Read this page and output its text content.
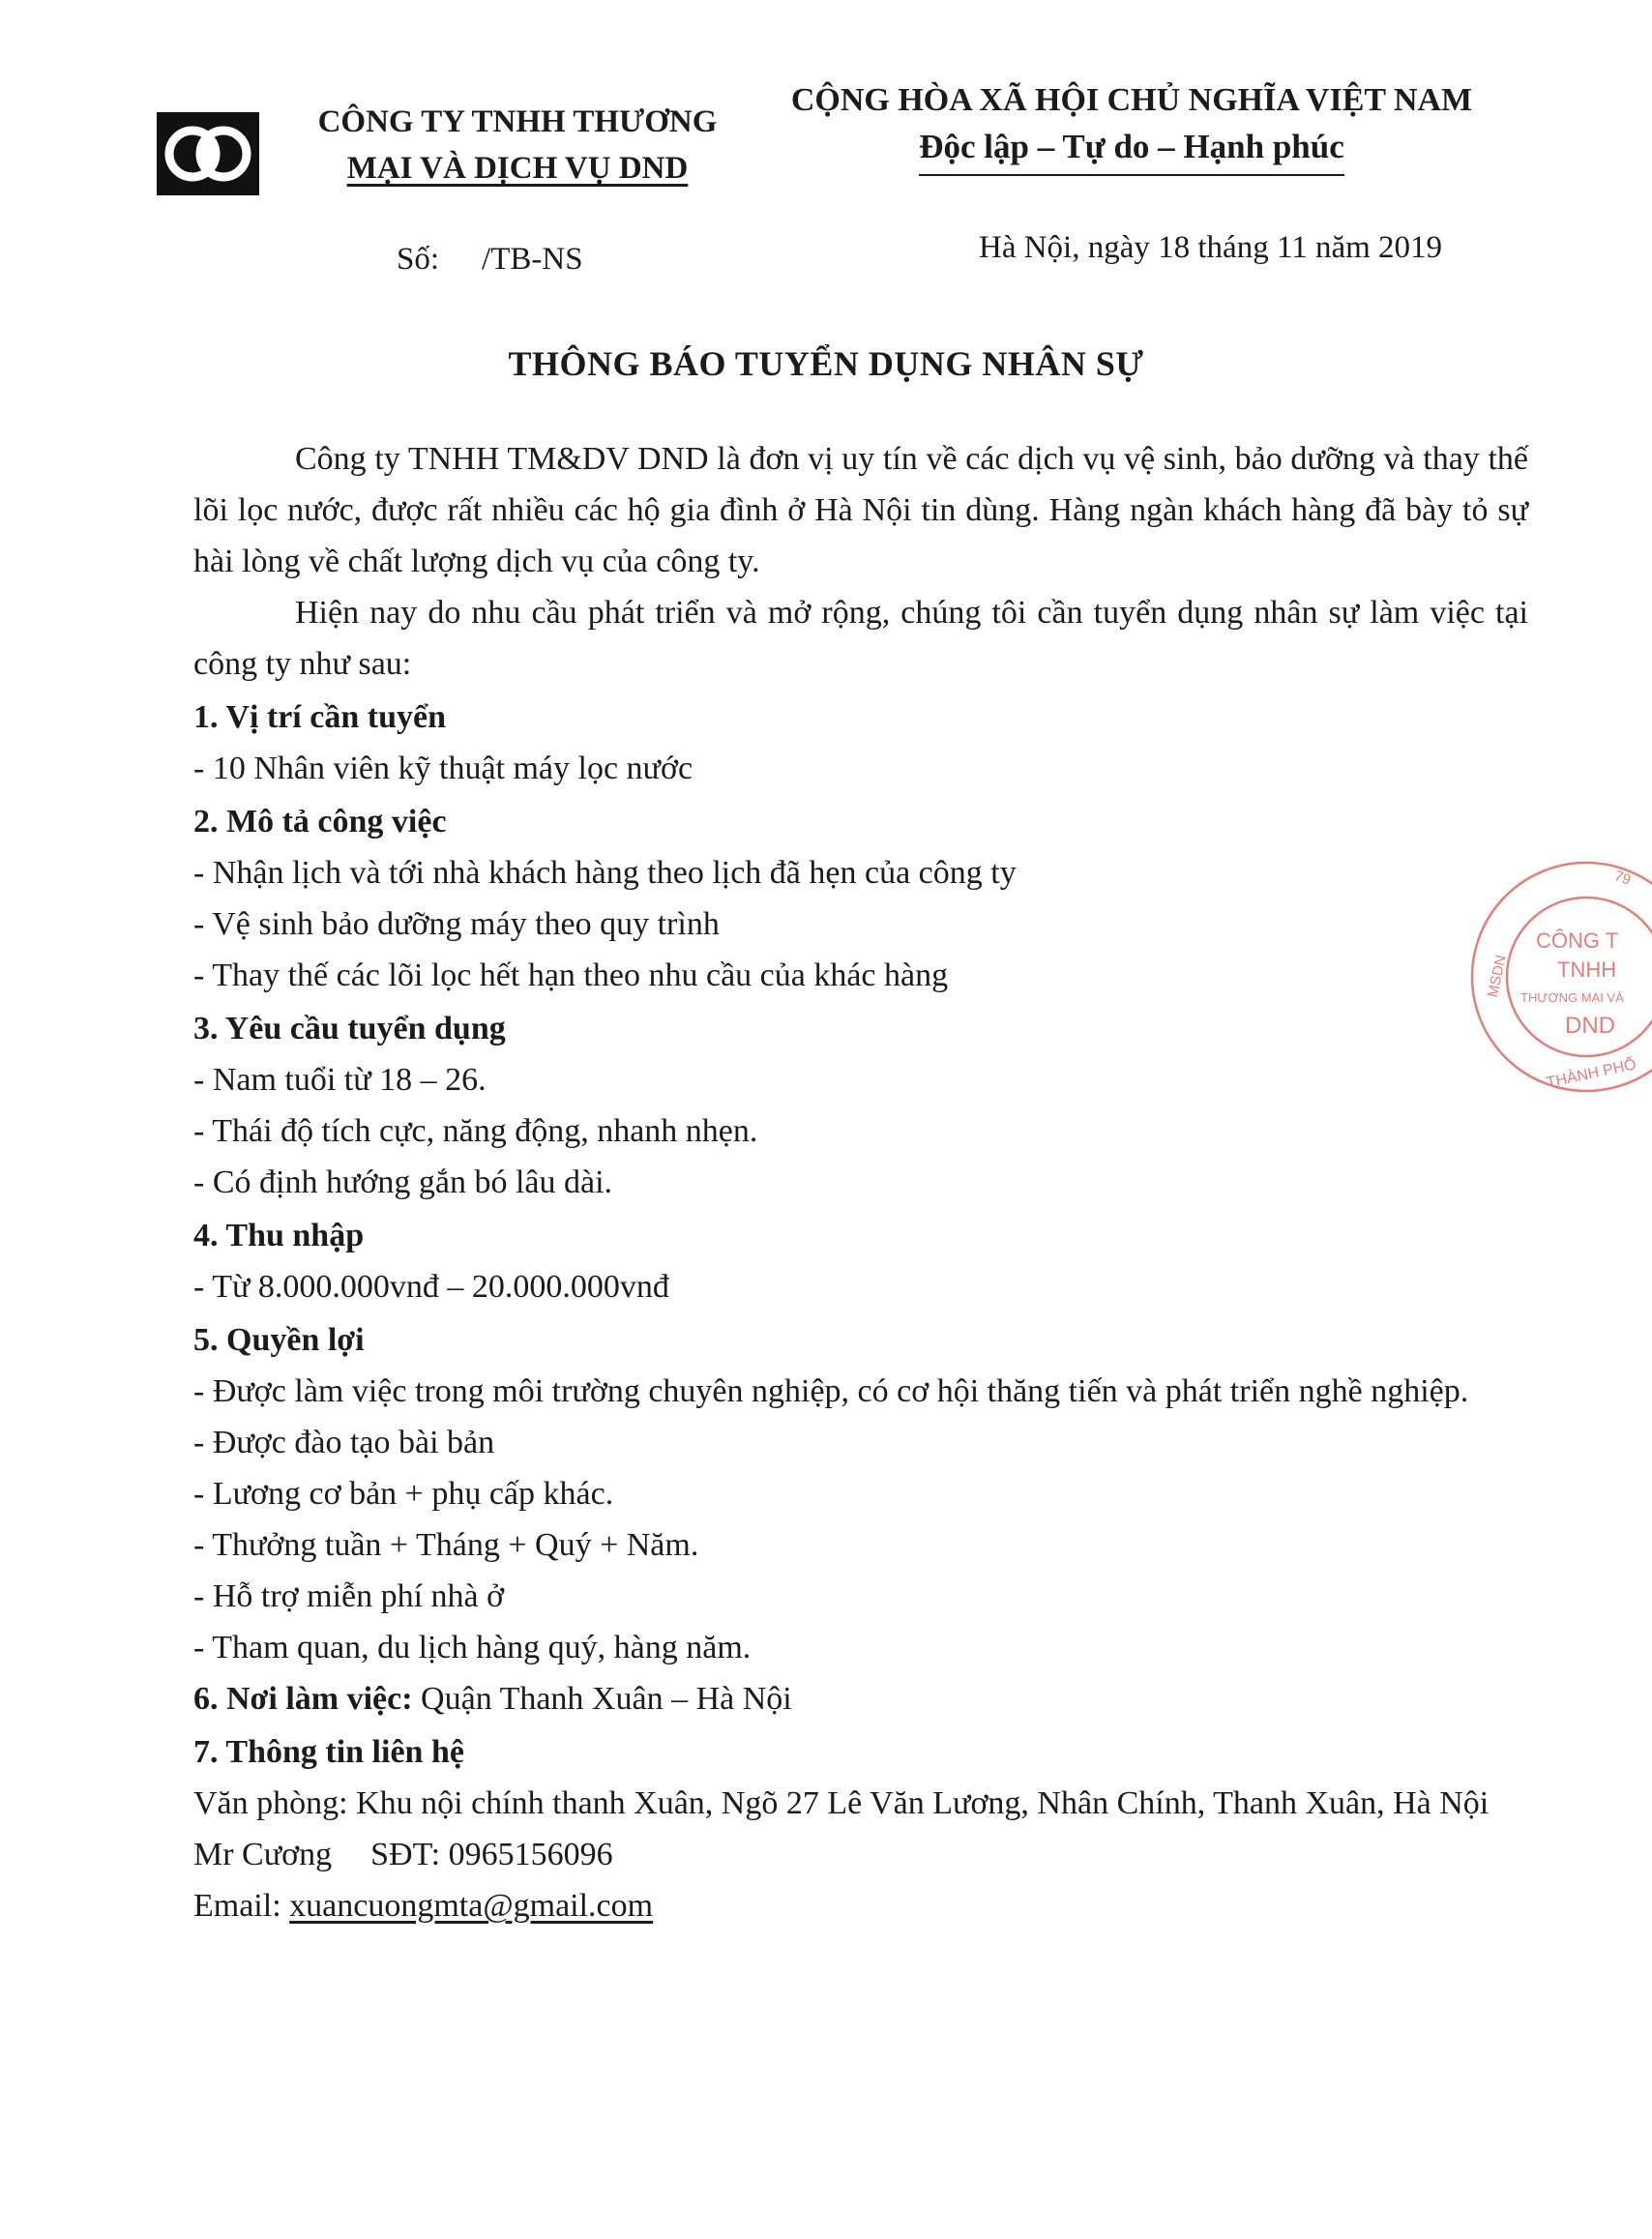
CÔNG TY TNHH THƯƠNG
MẠI VÀ DỊCH VỤ DND
CỘNG HÒA XÃ HỘI CHỦ NGHĨA VIỆT NAM
Độc lập – Tự do – Hạnh phúc
Số: /TB-NS	Hà Nội, ngày 18 tháng 11 năm 2019
THÔNG BÁO TUYỂN DỤNG NHÂN SỰ

Công ty TNHH TM&DV DND là đơn vị uy tín về các dịch vụ vệ sinh, bảo dưỡng và thay thế lõi lọc nước, được rất nhiều các hộ gia đình ở Hà Nội tin dùng. Hàng ngàn khách hàng đã bày tỏ sự hài lòng về chất lượng dịch vụ của công ty.

Hiện nay do nhu cầu phát triển và mở rộng, chúng tôi cần tuyển dụng nhân sự làm việc tại công ty như sau:

1. Vị trí cần tuyển

- 10 Nhân viên kỹ thuật máy lọc nước

2. Mô tả công việc

- Nhận lịch và tới nhà khách hàng theo lịch đã hẹn của công ty

- Vệ sinh bảo dưỡng máy theo quy trình

- Thay thế các lõi lọc hết hạn theo nhu cầu của khác hàng

3. Yêu cầu tuyển dụng

- Nam tuổi từ 18 – 26.

- Thái độ tích cực, năng động, nhanh nhẹn.

- Có định hướng gắn bó lâu dài.

4. Thu nhập

- Từ 8.000.000vnđ – 20.000.000vnđ

5. Quyền lợi

- Được làm việc trong môi trường chuyên nghiệp, có cơ hội thăng tiến và phát triển nghề nghiệp.

- Được đào tạo bài bản

- Lương cơ bản + phụ cấp khác.

- Thưởng tuần + Tháng + Quý + Năm.

- Hỗ trợ miễn phí nhà ở

- Tham quan, du lịch hàng quý, hàng năm.

6. Nơi làm việc: Quận Thanh Xuân – Hà Nội

7. Thông tin liên hệ

Văn phòng: Khu nội chính thanh Xuân, Ngõ 27 Lê Văn Lương, Nhân Chính, Thanh Xuân, Hà Nội

Mr Cương SĐT: 0965156096

Email: xuancuongmta@gmail.com

CÔNG T
TNHH
THƯƠNG MẠI VÀ
DND
THÀNH PHỐ
MSDN
79
